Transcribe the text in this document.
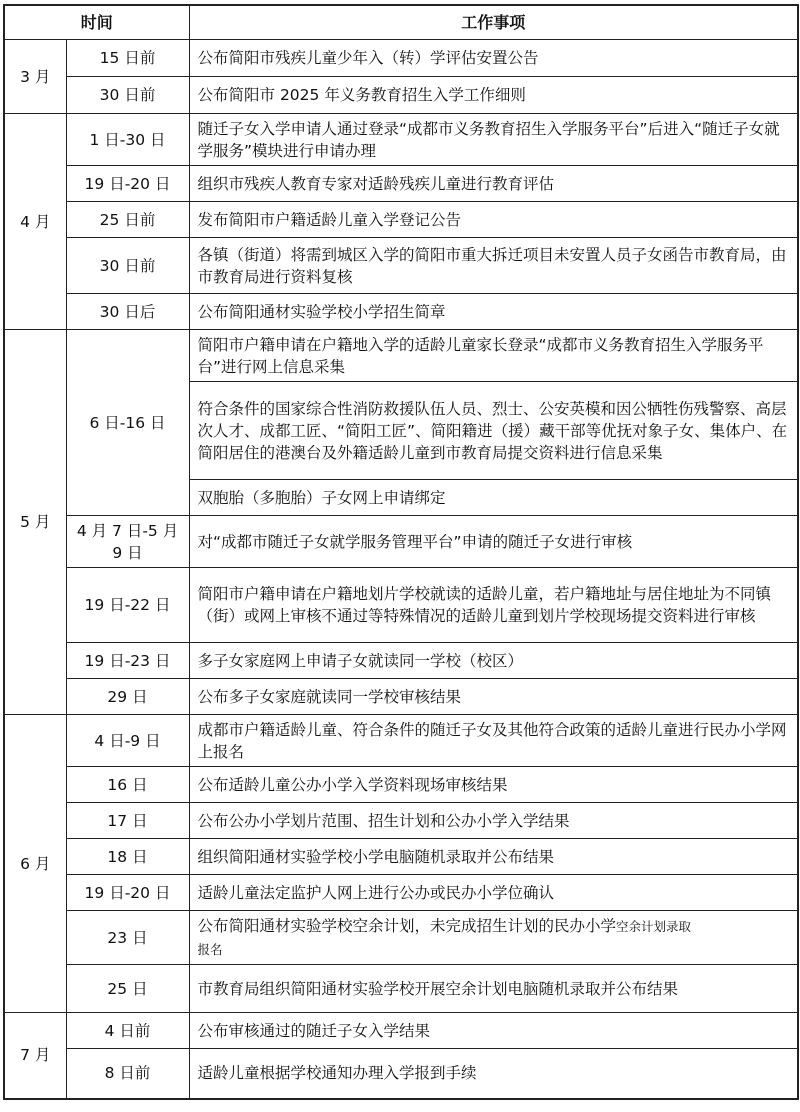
时间		工作事项
3 月	15 日前	公布简阳市残疾儿童少年入（转）学评估安置公告
	30 日前	公布简阳市 2025 年义务教育招生入学工作细则
4 月	1 日-30 日	随迁子女入学申请人通过登录“成都市义务教育招生入学服务平台”后进入“随迁子女就学服务”模块进行申请办理
	19 日-20 日	组织市残疾人教育专家对适龄残疾儿童进行教育评估
	25 日前	发布简阳市户籍适龄儿童入学登记公告
	30 日前	各镇（街道）将需到城区入学的简阳市重大拆迁项目未安置人员子女函告市教育局，由市教育局进行资料复核
	30 日后	公布简阳通材实验学校小学招生简章
5 月	6 日-16 日	简阳市户籍申请在户籍地入学的适龄儿童家长登录“成都市义务教育招生入学服务平台”进行网上信息采集
		符合条件的国家综合性消防救援队伍人员、烈士、公安英模和因公牺牲伤残警察、高层次人才、成都工匠、“简阳工匠”、简阳籍进（援）藏干部等优抚对象子女、集体户、在简阳居住的港澳台及外籍适龄儿童到市教育局提交资料进行信息采集
		双胞胎（多胞胎）子女网上申请绑定
	4 月 7 日-5 月 9 日	对“成都市随迁子女就学服务管理平台”申请的随迁子女进行审核
	19 日-22 日	简阳市户籍申请在户籍地划片学校就读的适龄儿童，若户籍地址与居住地址为不同镇（街）或网上审核不通过等特殊情况的适龄儿童到划片学校现场提交资料进行审核
	19 日-23 日	多子女家庭网上申请子女就读同一学校（校区）
	29 日	公布多子女家庭就读同一学校审核结果
6 月	4 日-9 日	成都市户籍适龄儿童、符合条件的随迁子女及其他符合政策的适龄儿童进行民办小学网上报名
	16 日	公布适龄儿童公办小学入学资料现场审核结果
	17 日	公布公办小学划片范围、招生计划和公办小学入学结果
	18 日	组织简阳通材实验学校小学电脑随机录取并公布结果
	19 日-20 日	适龄儿童法定监护人网上进行公办或民办小学位确认
	23 日	公布简阳通材实验学校空余计划，未完成招生计划的民办小学空余计划录取
报名
	25 日	市教育局组织简阳通材实验学校开展空余计划电脑随机录取并公布结果
7 月	4 日前	公布审核通过的随迁子女入学结果
	8 日前	适龄儿童根据学校通知办理入学报到手续
